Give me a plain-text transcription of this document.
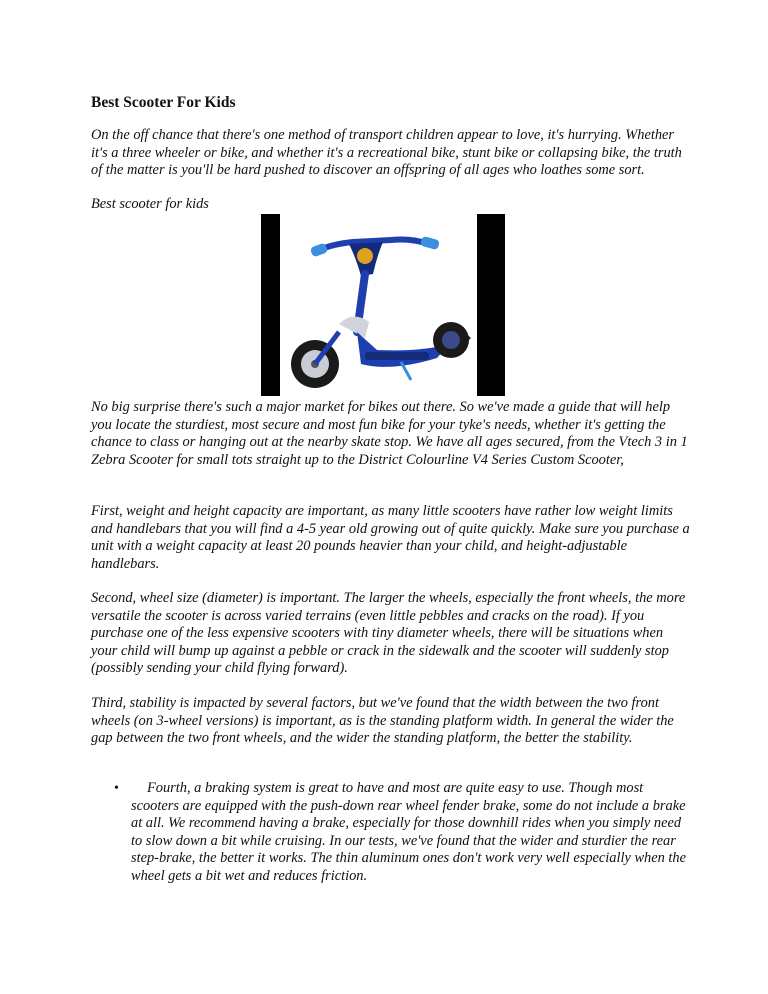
Best Scooter For Kids

On the off chance that there's one method of transport children appear to love, it's hurrying. Whether it's a three wheeler or bike, and whether it's a recreational bike, stunt bike or collapsing bike, the truth of the matter is you'll be hard pushed to discover an offspring of all ages who loathes some sort.

Best scooter for kids

No big surprise there's such a major market for bikes out there. So we've made a guide that will help you locate the sturdiest, most secure and most fun bike for your tyke's needs, whether it's getting the chance to class or hanging out at the nearby skate stop. We have all ages secured, from the Vtech 3 in 1 Zebra Scooter for small tots straight up to the District Colourline V4 Series Custom Scooter,

First, weight and height capacity are important, as many little scooters have rather low weight limits and handlebars that you will find a 4-5 year old growing out of quite quickly. Make sure you purchase a unit with a weight capacity at least 20 pounds heavier than your child, and height-adjustable handlebars.

Second, wheel size (diameter) is important. The larger the wheels, especially the front wheels, the more versatile the scooter is across varied terrains (even little pebbles and cracks on the road). If you purchase one of the less expensive scooters with tiny diameter wheels, there will be situations when your child will bump up against a pebble or crack in the sidewalk and the scooter will suddenly stop (possibly sending your child flying forward).

Third, stability is impacted by several factors, but we've found that the width between the two front wheels (on 3-wheel versions) is important, as is the standing platform width. In general the wider the gap between the two front wheels, and the wider the standing platform, the better the stability.

•	Fourth, a braking system is great to have and most are quite easy to use. Though most scooters are equipped with the push-down rear wheel fender brake, some do not include a brake at all. We recommend having a brake, especially for those downhill rides when you simply need to slow down a bit while cruising. In our tests, we've found that the wider and sturdier the rear step-brake, the better it works. The thin aluminum ones don't work very well especially when the wheel gets a bit wet and reduces friction.
